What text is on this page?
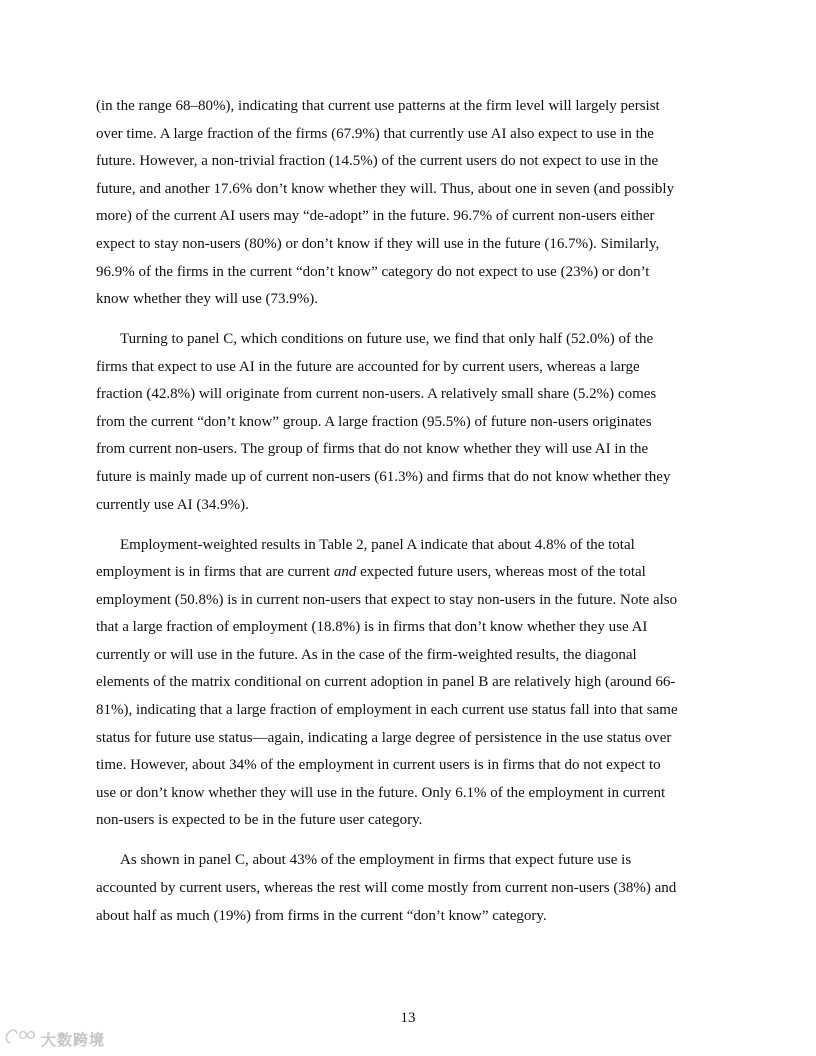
(in the range 68–80%), indicating that current use patterns at the firm level will largely persist
over time. A large fraction of the firms (67.9%) that currently use AI also expect to use in the
future. However, a non-trivial fraction (14.5%) of the current users do not expect to use in the
future, and another 17.6% don’t know whether they will. Thus, about one in seven (and possibly
more) of the current AI users may “de-adopt” in the future. 96.7% of current non-users either
expect to stay non-users (80%) or don’t know if they will use in the future (16.7%). Similarly,
96.9% of the firms in the current “don’t know” category do not expect to use (23%) or don’t
know whether they will use (73.9%).
Turning to panel C, which conditions on future use, we find that only half (52.0%) of the
firms that expect to use AI in the future are accounted for by current users, whereas a large
fraction (42.8%) will originate from current non-users. A relatively small share (5.2%) comes
from the current “don’t know” group. A large fraction (95.5%) of future non-users originates
from current non-users. The group of firms that do not know whether they will use AI in the
future is mainly made up of current non-users (61.3%) and firms that do not know whether they
currently use AI (34.9%).
Employment-weighted results in Table 2, panel A indicate that about 4.8% of the total
employment is in firms that are current and expected future users, whereas most of the total
employment (50.8%) is in current non-users that expect to stay non-users in the future. Note also
that a large fraction of employment (18.8%) is in firms that don’t know whether they use AI
currently or will use in the future. As in the case of the firm-weighted results, the diagonal
elements of the matrix conditional on current adoption in panel B are relatively high (around 66-
81%), indicating that a large fraction of employment in each current use status fall into that same
status for future use status—again, indicating a large degree of persistence in the use status over
time. However, about 34% of the employment in current users is in firms that do not expect to
use or don’t know whether they will use in the future. Only 6.1% of the employment in current
non-users is expected to be in the future user category.
As shown in panel C, about 43% of the employment in firms that expect future use is
accounted by current users, whereas the rest will come mostly from current non-users (38%) and
about half as much (19%) from firms in the current “don’t know” category.
13
大数跨境
